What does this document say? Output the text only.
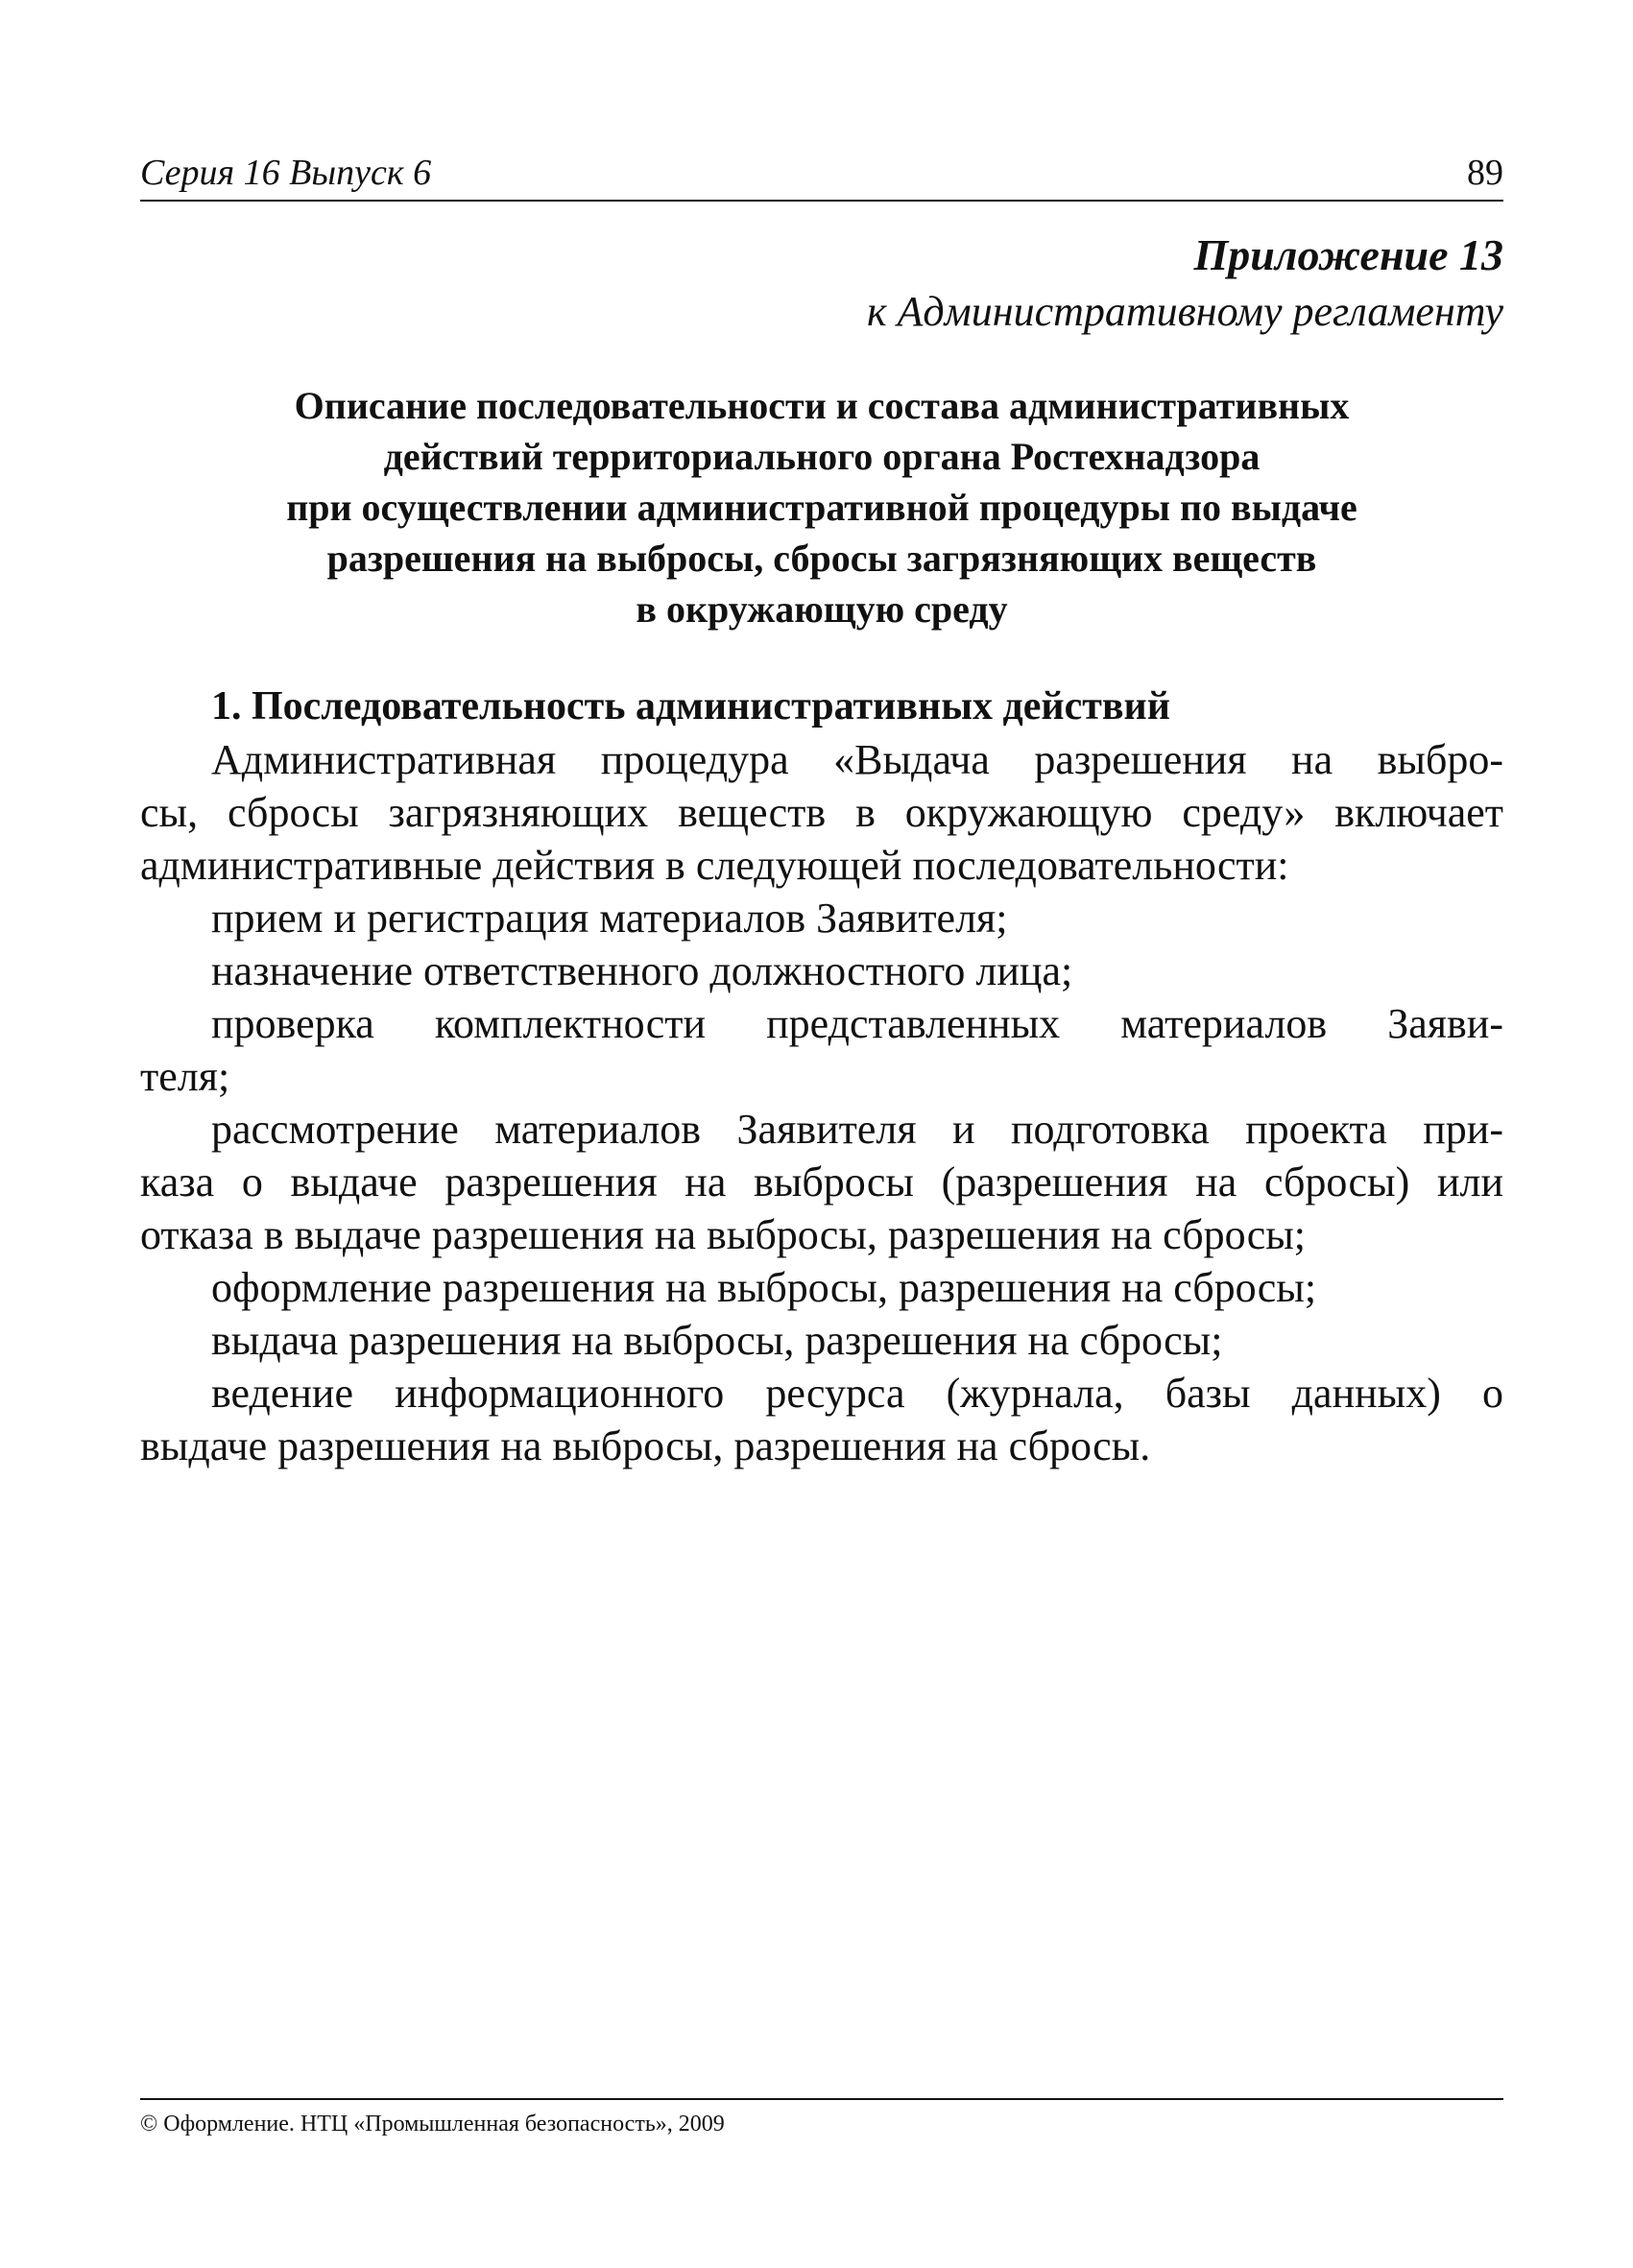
Серия 16 Выпуск 6	89
Приложение 13
к Административному регламенту
Описание последовательности и состава административных
действий территориального органа Ростехнадзора
при осуществлении административной процедуры по выдаче
разрешения на выбросы, сбросы загрязняющих веществ
в окружающую среду
1. Последовательность административных действий
Административная процедура «Выдача разрешения на выбро-
сы, сбросы загрязняющих веществ в окружающую среду» включает
административные действия в следующей последовательности:
прием и регистрация материалов Заявителя;
назначение ответственного должностного лица;
проверка комплектности представленных материалов Заяви-
теля;
рассмотрение материалов Заявителя и подготовка проекта при-
каза о выдаче разрешения на выбросы (разрешения на сбросы) или
отказа в выдаче разрешения на выбросы, разрешения на сбросы;
оформление разрешения на выбросы, разрешения на сбросы;
выдача разрешения на выбросы, разрешения на сбросы;
ведение информационного ресурса (журнала, базы данных) о
выдаче разрешения на выбросы, разрешения на сбросы.
© Оформление. НТЦ «Промышленная безопасность», 2009
